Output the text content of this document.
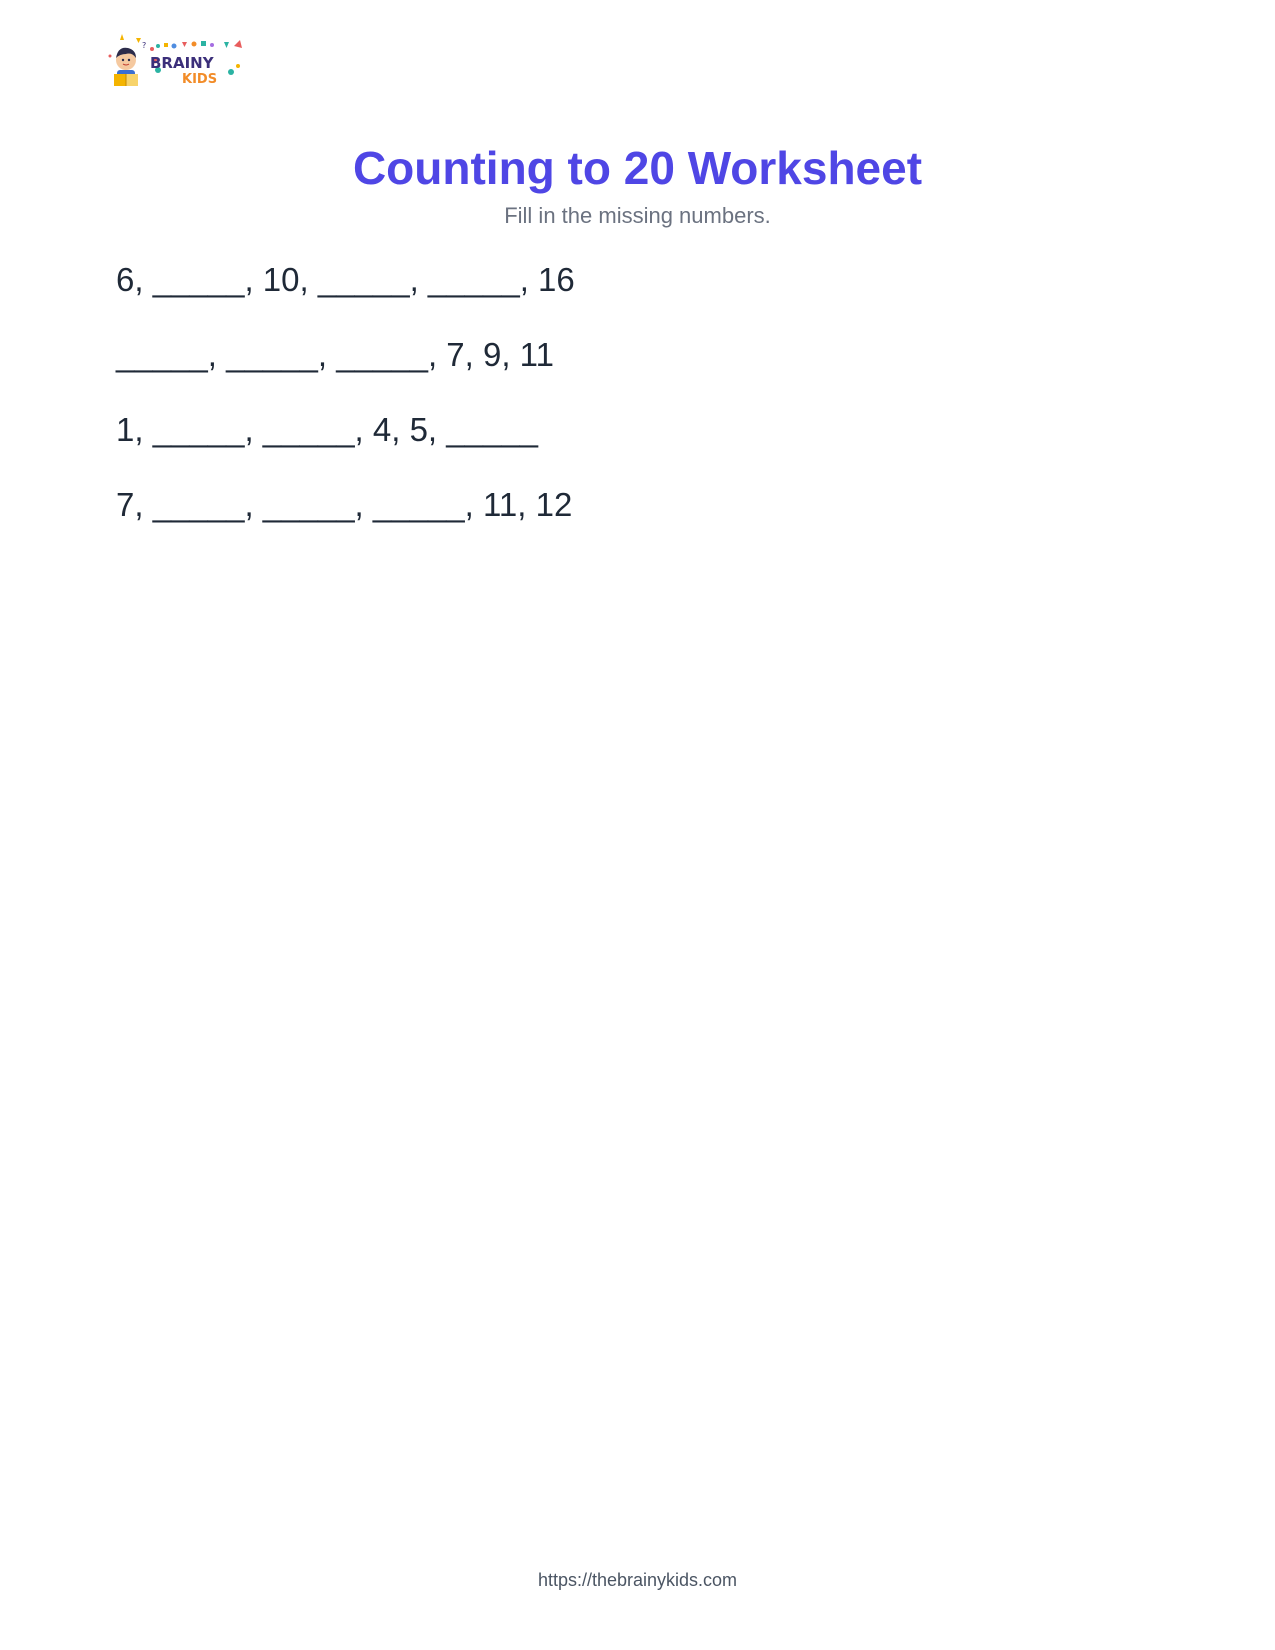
?
BRAINY
KIDS
Counting to 20 Worksheet
Fill in the missing numbers.
6, _____, 10, _____, _____, 16
_____, _____, _____, 7, 9, 11
1, _____, _____, 4, 5, _____
7, _____, _____, _____, 11, 12
https://thebrainykids.com
